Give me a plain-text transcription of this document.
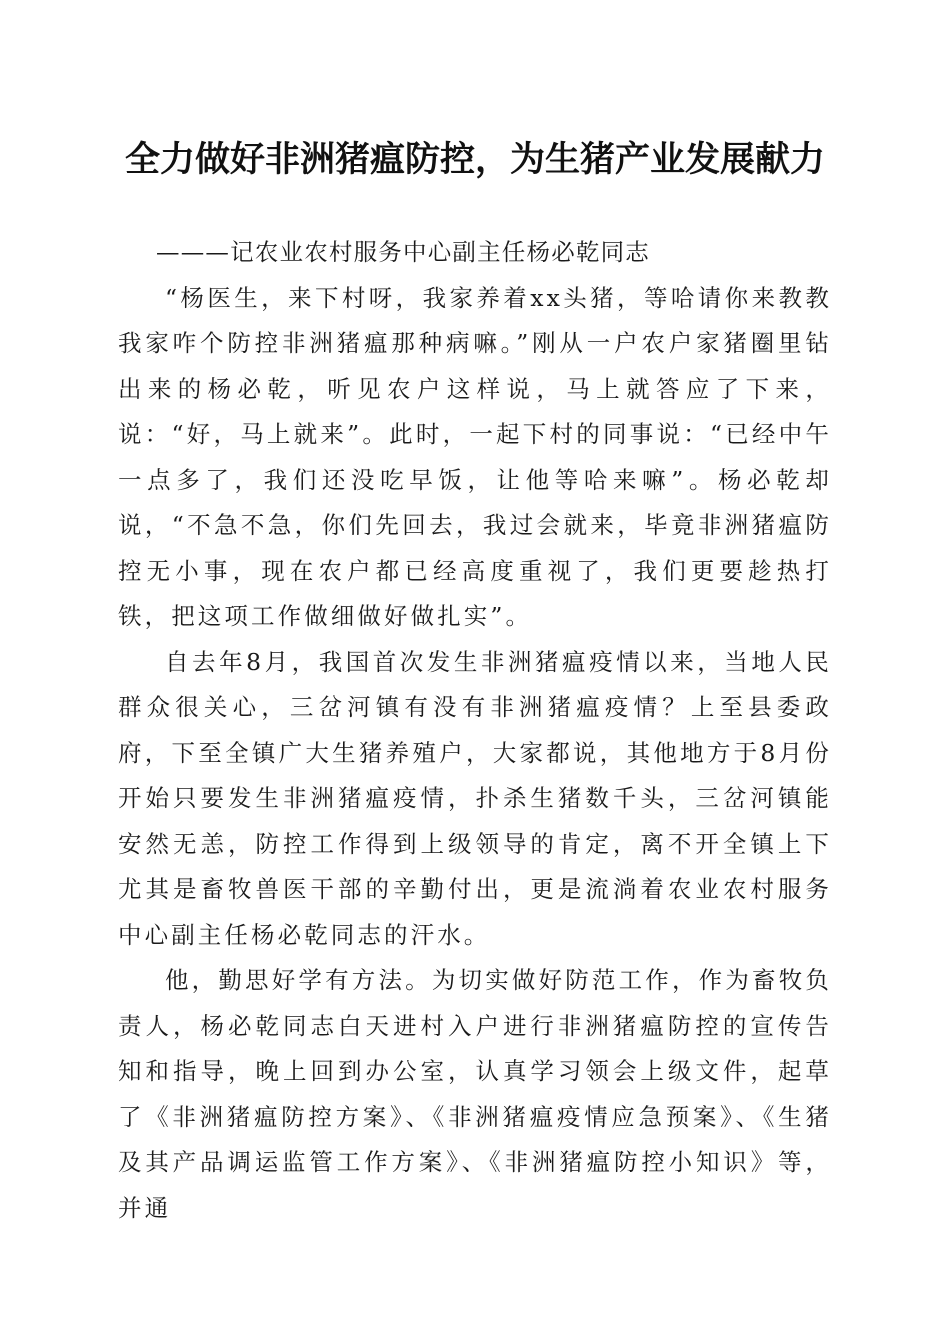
全力做好非洲猪瘟防控，为生猪产业发展献力

———记农业农村服务中心副主任杨必乾同志

“杨医生，来下村呀，我家养着xx头猪，等哈请你来教教我家咋个防控非洲猪瘟那种病嘛。”刚从一户农户家猪圈里钻出来的杨必乾，听见农户这样说，马上就答应了下来，说：“好，马上就来”。此时，一起下村的同事说：“已经中午一点多了，我们还没吃早饭，让他等哈来嘛”。杨必乾却说，“不急不急，你们先回去，我过会就来，毕竟非洲猪瘟防控无小事，现在农户都已经高度重视了，我们更要趁热打铁，把这项工作做细做好做扎实”。

自去年8月，我国首次发生非洲猪瘟疫情以来，当地人民群众很关心，三岔河镇有没有非洲猪瘟疫情？上至县委政府，下至全镇广大生猪养殖户，大家都说，其他地方于8月份开始只要发生非洲猪瘟疫情，扑杀生猪数千头，三岔河镇能安然无恙，防控工作得到上级领导的肯定，离不开全镇上下尤其是畜牧兽医干部的辛勤付出，更是流淌着农业农村服务中心副主任杨必乾同志的汗水。

他，勤思好学有方法。为切实做好防范工作，作为畜牧负责人，杨必乾同志白天进村入户进行非洲猪瘟防控的宣传告知和指导，晚上回到办公室，认真学习领会上级文件，起草了《非洲猪瘟防控方案》、《非洲猪瘟疫情应急预案》、《生猪及其产品调运监管工作方案》、《非洲猪瘟防控小知识》等，并通
